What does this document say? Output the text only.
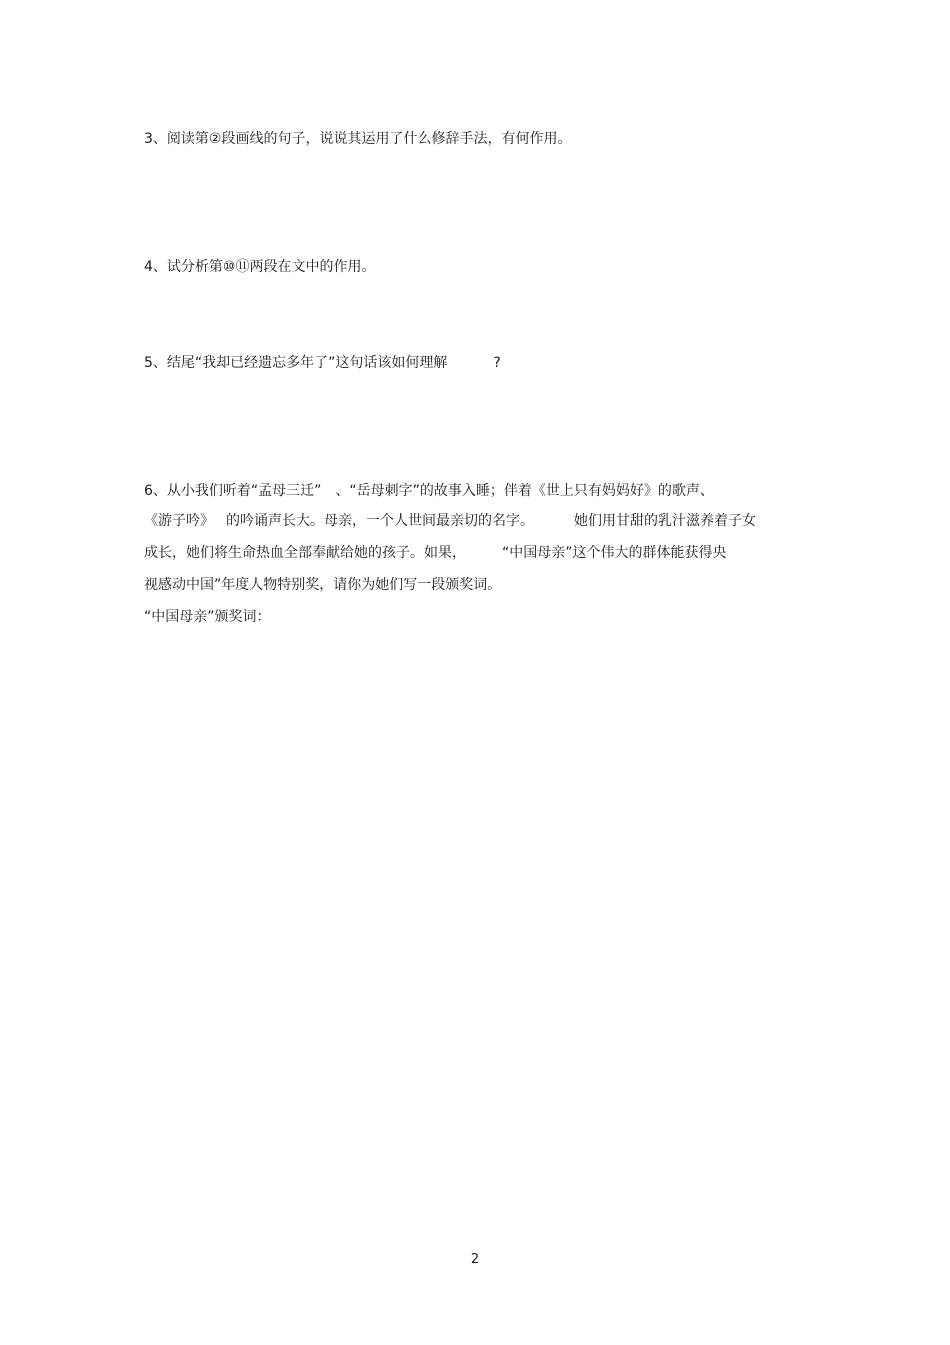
3、阅读第②段画线的句子，说说其运用了什么修辞手法，有何作用。
4、试分析第⑩⑪两段在文中的作用。
5、结尾“我却已经遗忘多年了”这句话该如何理解	?
6、从小我们听着“孟母三迁” 、“岳母刺字”的故事入睡；伴着《世上只有妈妈好》的歌声、
《游子吟》 的吟诵声长大。母亲，一个人世间最亲切的名字。	她们用甘甜的乳汁滋养着子女
成长，她们将生命热血全部奉献给她的孩子。如果，	“中国母亲”这个伟大的群体能获得央
视感动中国”年度人物特别奖，请你为她们写一段颁奖词。
“中国母亲”颁奖词：
2
